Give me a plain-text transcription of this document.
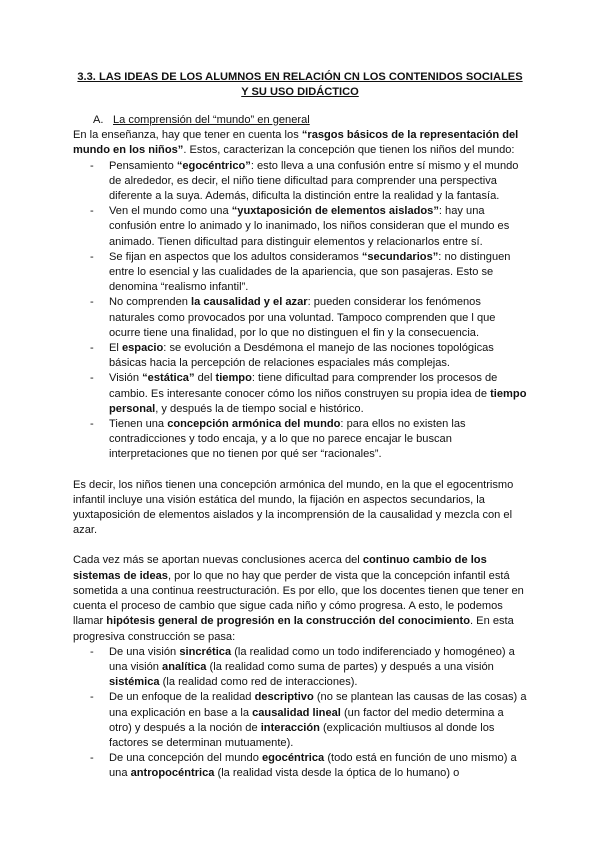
3.3. LAS IDEAS DE LOS ALUMNOS EN RELACIÓN CN LOS CONTENIDOS SOCIALES
Y SU USO DIDÁCTICO

A. La comprensión del “mundo” en general

En la enseñanza, hay que tener en cuenta los “rasgos básicos de la representación del mundo en los niños”. Estos, caracterizan la concepción que tienen los niños del mundo:

- Pensamiento “egocéntrico”: esto lleva a una confusión entre sí mismo y el mundo de alrededor, es decir, el niño tiene dificultad para comprender una perspectiva diferente a la suya. Además, dificulta la distinción entre la realidad y la fantasía.
- Ven el mundo como una “yuxtaposición de elementos aislados”: hay una confusión entre lo animado y lo inanimado, los niños consideran que el mundo es animado. Tienen dificultad para distinguir elementos y relacionarlos entre sí.
- Se fijan en aspectos que los adultos consideramos “secundarios”: no distinguen entre lo esencial y las cualidades de la apariencia, que son pasajeras. Esto se denomina “realismo infantil”.
- No comprenden la causalidad y el azar: pueden considerar los fenómenos naturales como provocados por una voluntad. Tampoco comprenden que l que ocurre tiene una finalidad, por lo que no distinguen el fin y la consecuencia.
- El espacio: se evolución a Desdémona el manejo de las nociones topológicas básicas hacia la percepción de relaciones espaciales más complejas.
- Visión “estática” del tiempo: tiene dificultad para comprender los procesos de cambio. Es interesante conocer cómo los niños construyen su propia idea de tiempo personal, y después la de tiempo social e histórico.
- Tienen una concepción armónica del mundo: para ellos no existen las contradicciones y todo encaja, y a lo que no parece encajar le buscan interpretaciones que no tienen por qué ser “racionales”.

Es decir, los niños tienen una concepción armónica del mundo, en la que el egocentrismo infantil incluye una visión estática del mundo, la fijación en aspectos secundarios, la yuxtaposición de elementos aislados y la incomprensión de la causalidad y mezcla con el azar.

Cada vez más se aportan nuevas conclusiones acerca del continuo cambio de los sistemas de ideas, por lo que no hay que perder de vista que la concepción infantil está sometida a una continua reestructuración. Es por ello, que los docentes tienen que tener en cuenta el proceso de cambio que sigue cada niño y cómo progresa. A esto, le podemos llamar hipótesis general de progresión en la construcción del conocimiento. En esta progresiva construcción se pasa:

- De una visión sincrética (la realidad como un todo indiferenciado y homogéneo) a una visión analítica (la realidad como suma de partes) y después a una visión sistémica (la realidad como red de interacciones).
- De un enfoque de la realidad descriptivo (no se plantean las causas de las cosas) a una explicación en base a la causalidad lineal (un factor del medio determina a otro) y después a la noción de interacción (explicación multiusos al donde los factores se determinan mutuamente).
- De una concepción del mundo egocéntrica (todo está en función de uno mismo) a una antropocéntrica (la realidad vista desde la óptica de lo humano) o
